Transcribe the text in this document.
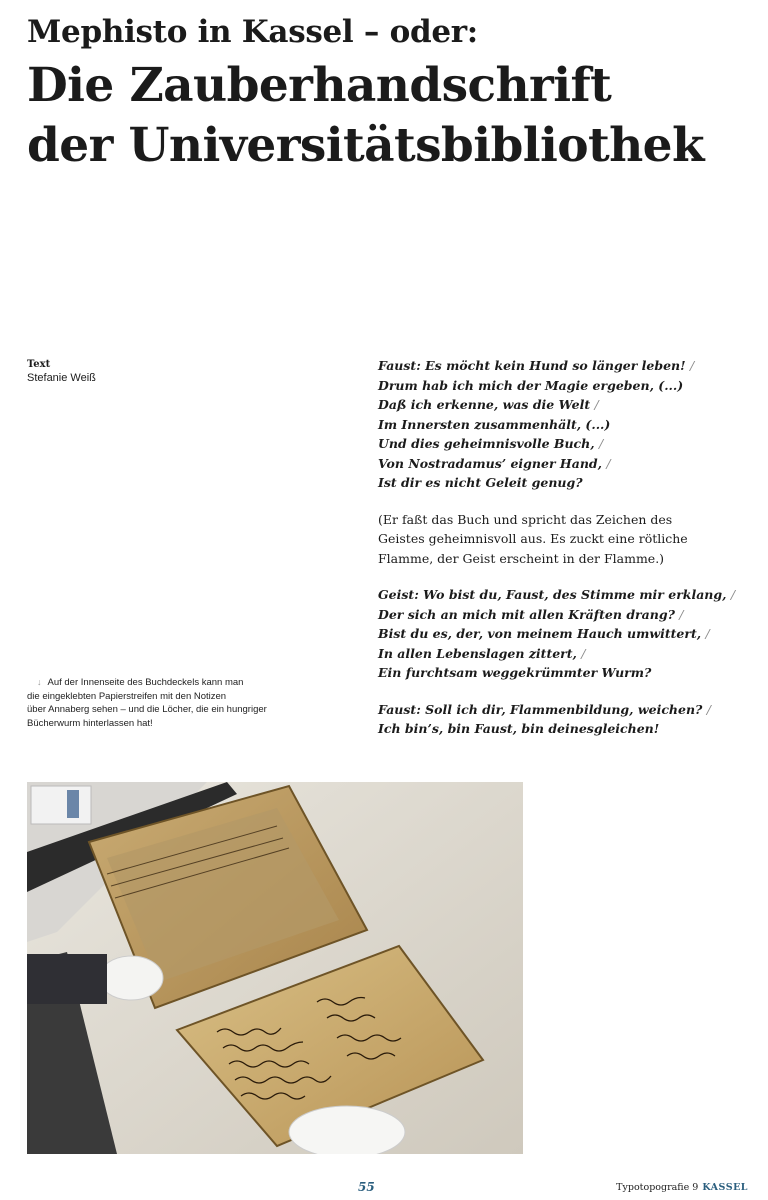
Mephisto in Kassel – oder:
Die Zauberhandschrift
der Universitätsbibliothek
Text
Stefanie Weiß
Faust: Es möcht kein Hund so länger leben! /
Drum hab ich mich der Magie ergeben, (...)
Daß ich erkenne, was die Welt /
Im Innersten zusammenhält, (...)
Und dies geheimnisvolle Buch, /
Von Nostradamus’ eigner Hand, /
Ist dir es nicht Geleit genug?
(Er faßt das Buch und spricht das Zeichen des
Geistes geheimnisvoll aus. Es zuckt eine rötliche
Flamme, der Geist erscheint in der Flamme.)
Geist: Wo bist du, Faust, des Stimme mir erklang, /
Der sich an mich mit allen Kräften drang? /
Bist du es, der, von meinem Hauch umwittert, /
In allen Lebenslagen zittert, /
Ein furchtsam weggekrümmter Wurm?
Faust: Soll ich dir, Flammenbildung, weichen? /
Ich bin’s, bin Faust, bin deinesgleichen!
↓ Auf der Innenseite des Buchdeckels kann man
die eingeklebten Papierstreifen mit den Notizen
über Annaberg sehen – und die Löcher, die ein hungriger
Bücherwurm hinterlassen hat!
55	Typotopografie 9 KASSEL
